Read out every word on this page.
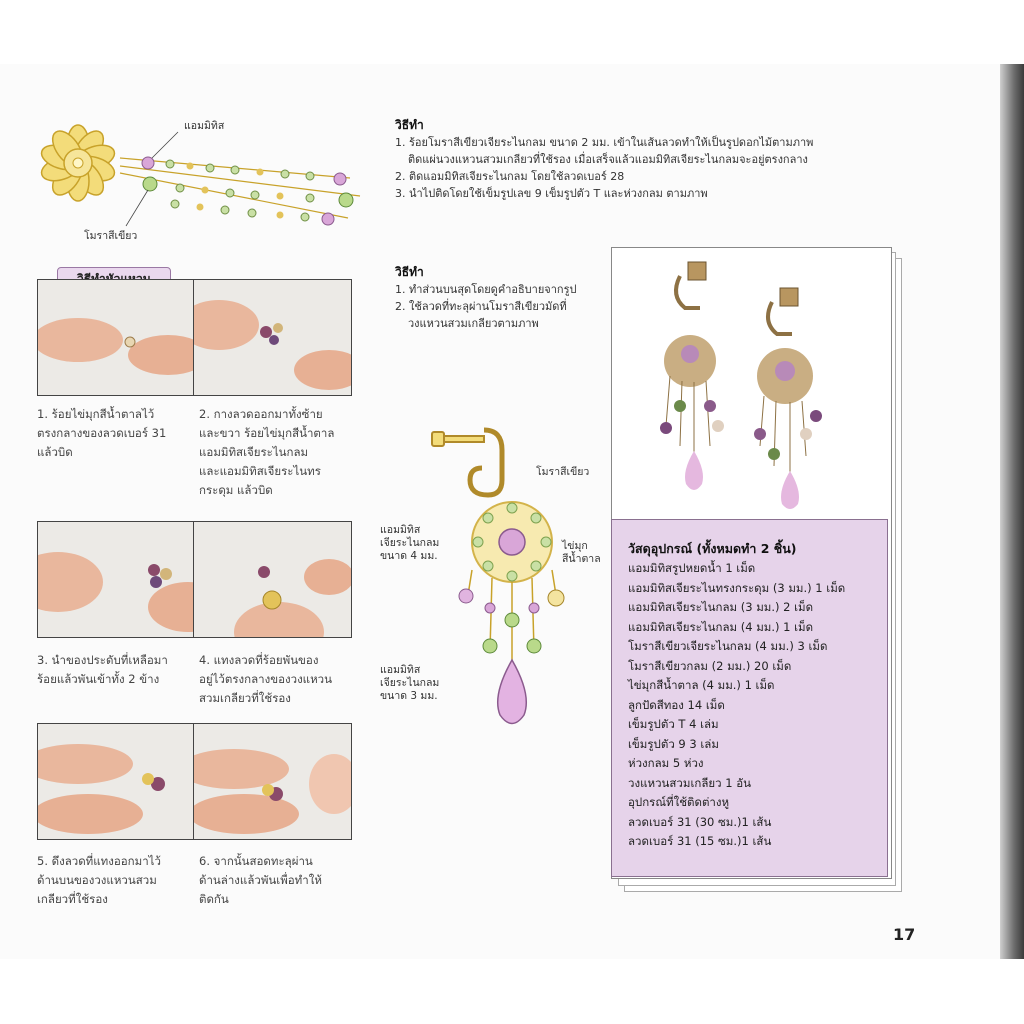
แอมมิทิส
โมราสีเขียว
1. ร้อยไข่มุกสีน้ำตาลไว้
ตรงกลางของลวดเบอร์ 31
แล้วบิด
2. กางลวดออกมาทั้งซ้าย
และขวา ร้อยไข่มุกสีน้ำตาล
แอมมิทิสเจียระไนกลม
และแอมมิทิสเจียระไนทร
กระดุม แล้วบิด
3. นำของประดับที่เหลือมา
ร้อยแล้วพันเข้าทั้ง 2 ข้าง
4. แทงลวดที่ร้อยพันของ
อยู่ไว้ตรงกลางของวงแหวน
สวมเกลียวที่ใช้รอง
5. ดึงลวดที่แทงออกมาไว้
ด้านบนของวงแหวนสวม
เกลียวที่ใช้รอง
6. จากนั้นสอดทะลุผ่าน
ด้านล่างแล้วพันเพื่อทำให้
ติดกัน
วิธีทำ
1. ร้อยโมราสีเขียวเจียระไนกลม ขนาด 2 มม. เข้าในเส้นลวดทำให้เป็นรูปดอกไม้ตามภาพ
ติดแผ่นวงแหวนสวมเกลียวที่ใช้รอง เมื่อเสร็จแล้วแอมมิทิสเจียระไนกลมจะอยู่ตรงกลาง
2. ติดแอมมิทิสเจียระไนกลม โดยใช้ลวดเบอร์ 28
3. นำไปติดโดยใช้เข็มรูปเลข 9 เข็มรูปตัว T และห่วงกลม ตามภาพ
วิธีทำ
1. ทำส่วนบนสุดโดยดูคำอธิบายจากรูป
2. ใช้ลวดที่ทะลุผ่านโมราสีเขียวมัดที่
วงแหวนสวมเกลียวตามภาพ
โมราสีเขียว
แอมมิทิส
เจียระไนกลม
ขนาด 4 มม.
ไข่มุก
สีน้ำตาล
แอมมิทิส
เจียระไนกลม
ขนาด 3 มม.
วัสดุอุปกรณ์ (ทั้งหมดทำ 2 ชิ้น)
แอมมิทิสรูปหยดน้ำ 1 เม็ด
แอมมิทิสเจียระไนทรงกระดุม (3 มม.) 1 เม็ด
แอมมิทิสเจียระไนกลม (3 มม.) 2 เม็ด
แอมมิทิสเจียระไนกลม (4 มม.) 1 เม็ด
โมราสีเขียวเจียระไนกลม (4 มม.) 3 เม็ด
โมราสีเขียวกลม (2 มม.) 20 เม็ด
ไข่มุกสีน้ำตาล (4 มม.) 1 เม็ด
ลูกปัดสีทอง 14 เม็ด
เข็มรูปตัว T 4 เล่ม
เข็มรูปตัว 9 3 เล่ม
ห่วงกลม 5 ห่วง
วงแหวนสวมเกลียว 1 อัน
อุปกรณ์ที่ใช้ติดต่างหู
ลวดเบอร์ 31 (30 ซม.)1 เส้น
ลวดเบอร์ 31 (15 ซม.)1 เส้น
17
